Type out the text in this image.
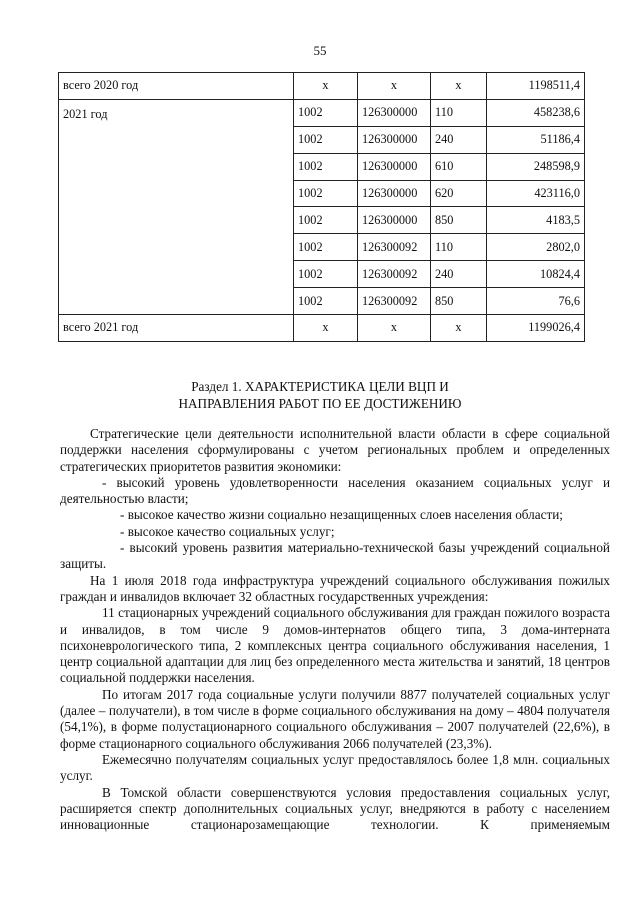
55
всего 2020 год	x	x	x	1198511,4
2021 год	1002	126300000	110	458238,6
	1002	126300000	240	51186,4
	1002	126300000	610	248598,9
	1002	126300000	620	423116,0
	1002	126300000	850	4183,5
	1002	126300092	110	2802,0
	1002	126300092	240	10824,4
	1002	126300092	850	76,6
всего 2021 год	x	x	x	1199026,4
Раздел 1. ХАРАКТЕРИСТИКА ЦЕЛИ ВЦП И
НАПРАВЛЕНИЯ РАБОТ ПО ЕЕ ДОСТИЖЕНИЮ

Стратегические цели деятельности исполнительной власти области в сфере социальной поддержки населения сформулированы с учетом региональных проблем и определенных стратегических приоритетов развития экономики:

- высокий уровень удовлетворенности населения оказанием социальных услуг и деятельностью власти;

- высокое качество жизни социально незащищенных слоев населения области;

- высокое качество социальных услуг;

- высокий уровень развития материально-технической базы учреждений социальной защиты.

На 1 июля 2018 года инфраструктура учреждений социального обслуживания пожилых граждан и инвалидов включает 32 областных государственных учреждения:

11 стационарных учреждений социального обслуживания для граждан пожилого возраста и инвалидов, в том числе 9 домов-интернатов общего типа, 3 дома-интерната психоневрологического типа, 2 комплексных центра социального обслуживания населения, 1 центр социальной адаптации для лиц без определенного места жительства и занятий, 18 центров социальной поддержки населения.

По итогам 2017 года социальные услуги получили 8877 получателей социальных услуг (далее – получатели), в том числе в форме социального обслуживания на дому – 4804 получателя (54,1%), в форме полустационарного социального обслуживания – 2007 получателей (22,6%), в форме стационарного социального обслуживания 2066 получателей (23,3%).

Ежемесячно получателям социальных услуг предоставлялось более 1,8 млн. социальных услуг.

В Томской области совершенствуются условия предоставления социальных услуг, расширяется спектр дополнительных социальных услуг, внедряются в работу с населением инновационные стационарозамещающие технологии. К применяемым
